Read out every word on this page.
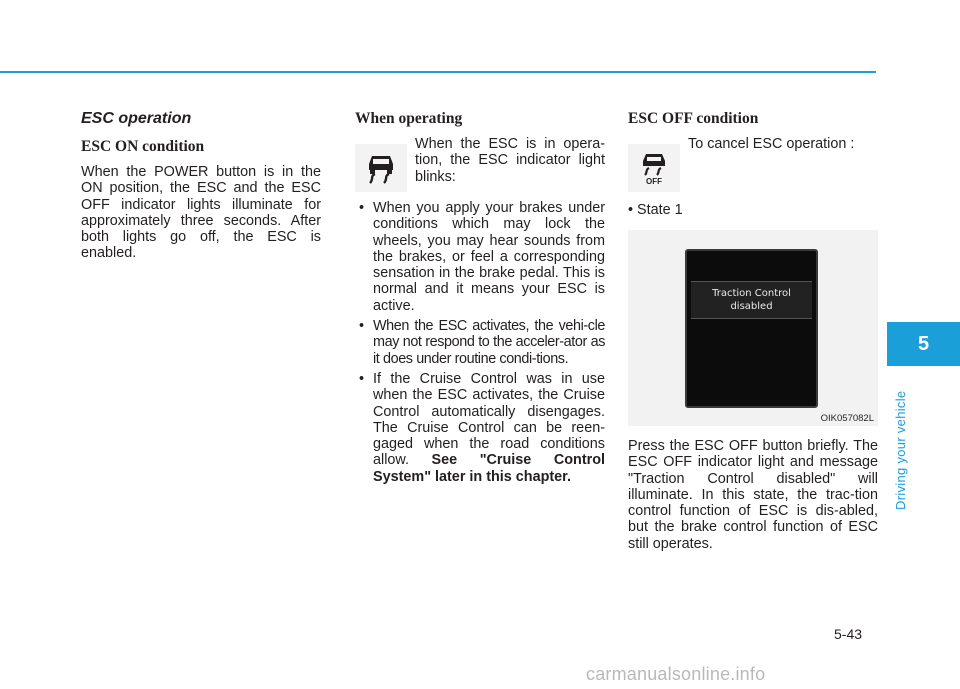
ESC operation
ESC ON condition

When the POWER button is in the ON position, the ESC and the ESC OFF indicator lights illuminate for approximately three seconds. After both lights go off, the ESC is enabled.

When operating

When the ESC is in opera-tion, the ESC indicator light blinks:

• When you apply your brakes under conditions which may lock the wheels, you may hear sounds from the brakes, or feel a corresponding sensation in the brake pedal. This is normal and it means your ESC is active.
• When the ESC activates, the vehi-cle may not respond to the acceler-ator as it does under routine condi-tions.
• If the Cruise Control was in use when the ESC activates, the Cruise Control automatically disengages. The Cruise Control can be reen-gaged when the road conditions allow. See "Cruise Control System" later in this chapter.
ESC OFF condition
OFF

To cancel ESC operation :

• State 1
Traction Control
disabled
OIK057082L

Press the ESC OFF button briefly. The ESC OFF indicator light and message "Traction Control disabled" will illuminate. In this state, the trac-tion control function of ESC is dis-abled, but the brake control function of ESC still operates.

5
Driving your vehicle
5-43
carmanualsonline.info
